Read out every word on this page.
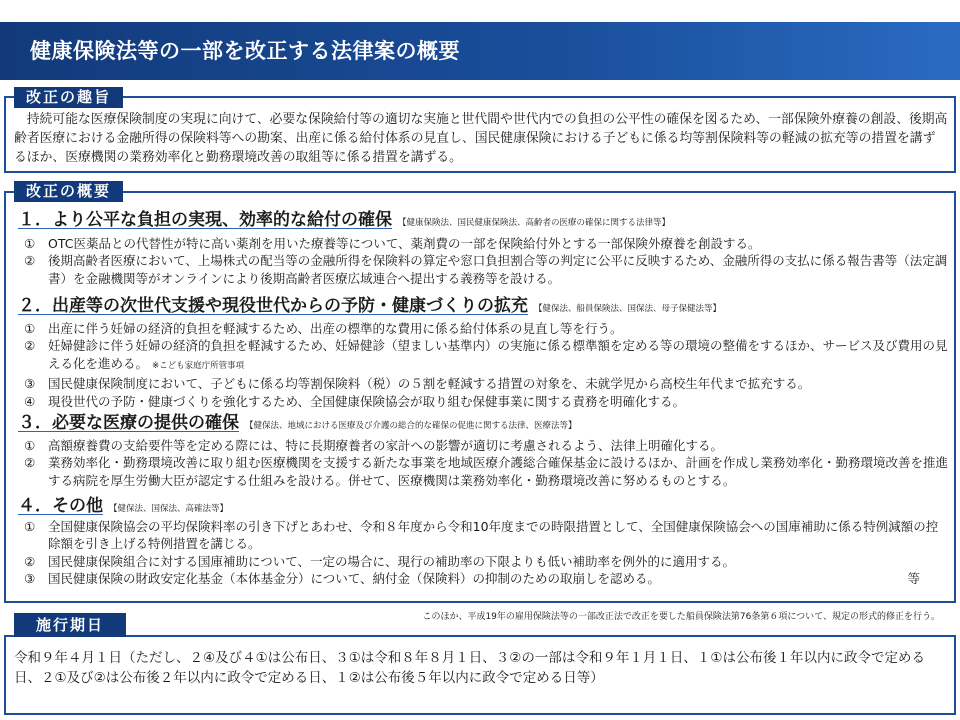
健康保険法等の一部を改正する法律案の概要
改正の趣旨
　持続可能な医療保険制度の実現に向けて、必要な保険給付等の適切な実施と世代間や世代内での負担の公平性の確保を図るため、一部保険外療養の創設、後期高齢者医療における金融所得の保険料等への勘案、出産に係る給付体系の見直し、国民健康保険における子どもに係る均等割保険料等の軽減の拡充等の措置を講ずるほか、医療機関の業務効率化と勤務環境改善の取組等に係る措置を講ずる。
改正の概要
１．より公平な負担の実現、効率的な給付の確保 【健康保険法、国民健康保険法、高齢者の医療の確保に関する法律等】
①	OTC医薬品との代替性が特に高い薬剤を用いた療養等について、薬剤費の一部を保険給付外とする一部保険外療養を創設する。
②	後期高齢者医療において、上場株式の配当等の金融所得を保険料の算定や窓口負担割合等の判定に公平に反映するため、金融所得の支払に係る報告書等（法定調書）を金融機関等がオンラインにより後期高齢者医療広域連合へ提出する義務等を設ける。
２．出産等の次世代支援や現役世代からの予防・健康づくりの拡充 【健保法、船員保険法、国保法、母子保健法等】
①	出産に伴う妊婦の経済的負担を軽減するため、出産の標準的な費用に係る給付体系の見直し等を行う。
②	妊婦健診に伴う妊婦の経済的負担を軽減するため、妊婦健診（望ましい基準内）の実施に係る標準額を定める等の環境の整備をするほか、サービス及び費用の見える化を進める。 ※こども家庭庁所管事項
③	国民健康保険制度において、子どもに係る均等割保険料（税）の５割を軽減する措置の対象を、未就学児から高校生年代まで拡充する。
④	現役世代の予防・健康づくりを強化するため、全国健康保険協会が取り組む保健事業に関する責務を明確化する。
３．必要な医療の提供の確保 【健保法、地域における医療及び介護の総合的な確保の促進に関する法律、医療法等】
①	高額療養費の支給要件等を定める際には、特に長期療養者の家計への影響が適切に考慮されるよう、法律上明確化する。
②	業務効率化・勤務環境改善に取り組む医療機関を支援する新たな事業を地域医療介護総合確保基金に設けるほか、計画を作成し業務効率化・勤務環境改善を推進する病院を厚生労働大臣が認定する仕組みを設ける。併せて、医療機関は業務効率化・勤務環境改善に努めるものとする。
４．その他 【健保法、国保法、高確法等】
①	全国健康保険協会の平均保険料率の引き下げとあわせ、令和８年度から令和10年度までの時限措置として、全国健康保険協会への国庫補助に係る特例減額の控除額を引き上げる特例措置を講じる。
②	国民健康保険組合に対する国庫補助について、一定の場合に、現行の補助率の下限よりも低い補助率を例外的に適用する。
③	等
国民健康保険の財政安定化基金（本体基金分）について、納付金（保険料）の抑制のための取崩しを認める。
このほか、平成19年の雇用保険法等の一部改正法で改正を要した船員保険法第76条第６項について、規定の形式的修正を行う。
施行期日
令和９年４月１日（ただし、２④及び４①は公布日、３①は令和８年８月１日、３②の一部は令和９年１月１日、１①は公布後１年以内に政令で定める日、２①及び②は公布後２年以内に政令で定める日、１②は公布後５年以内に政令で定める日等）
